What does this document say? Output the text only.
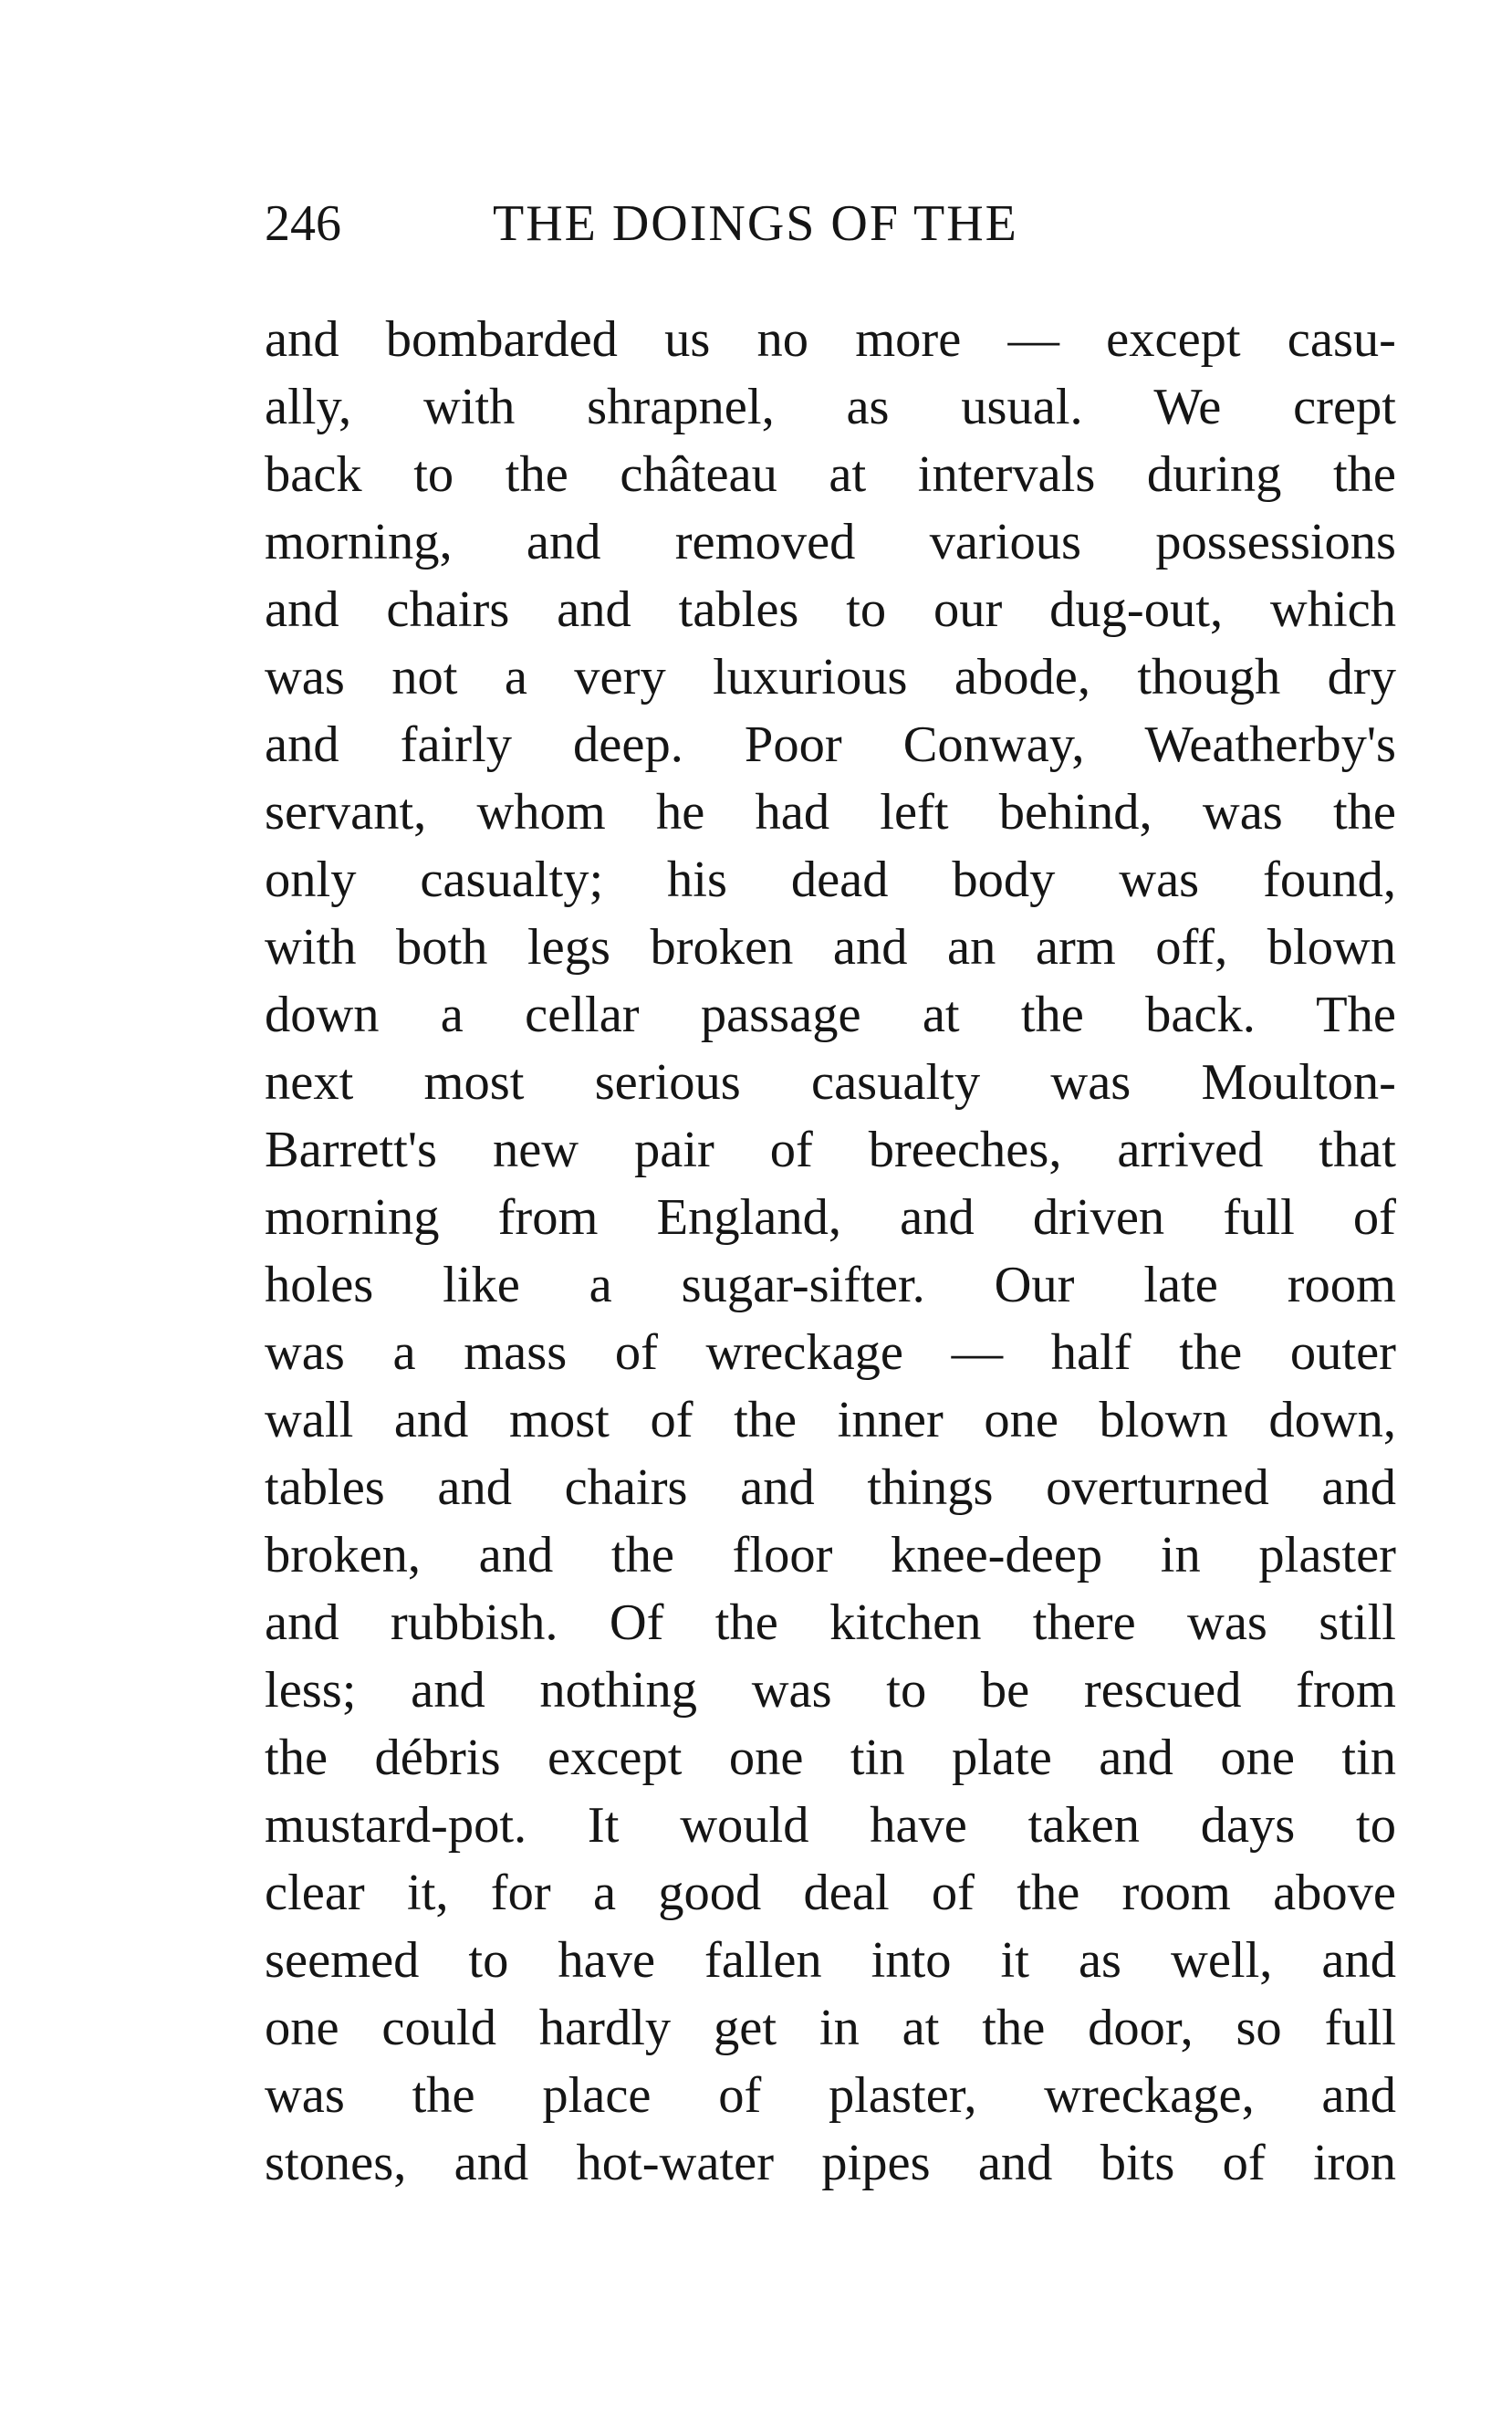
246	THE DOINGS OF THE
and bombarded us no more — except casu-
ally, with shrapnel, as usual. We crept
back to the château at intervals during the
morning, and removed various possessions
and chairs and tables to our dug-out, which
was not a very luxurious abode, though dry
and fairly deep. Poor Conway, Weatherby's
servant, whom he had left behind, was the
only casualty; his dead body was found,
with both legs broken and an arm off, blown
down a cellar passage at the back. The
next most serious casualty was Moulton-
Barrett's new pair of breeches, arrived that
morning from England, and driven full of
holes like a sugar-sifter. Our late room
was a mass of wreckage — half the outer
wall and most of the inner one blown down,
tables and chairs and things overturned and
broken, and the floor knee-deep in plaster
and rubbish. Of the kitchen there was still
less; and nothing was to be rescued from
the débris except one tin plate and one tin
mustard-pot. It would have taken days to
clear it, for a good deal of the room above
seemed to have fallen into it as well, and
one could hardly get in at the door, so full
was the place of plaster, wreckage, and
stones, and hot-water pipes and bits of iron
